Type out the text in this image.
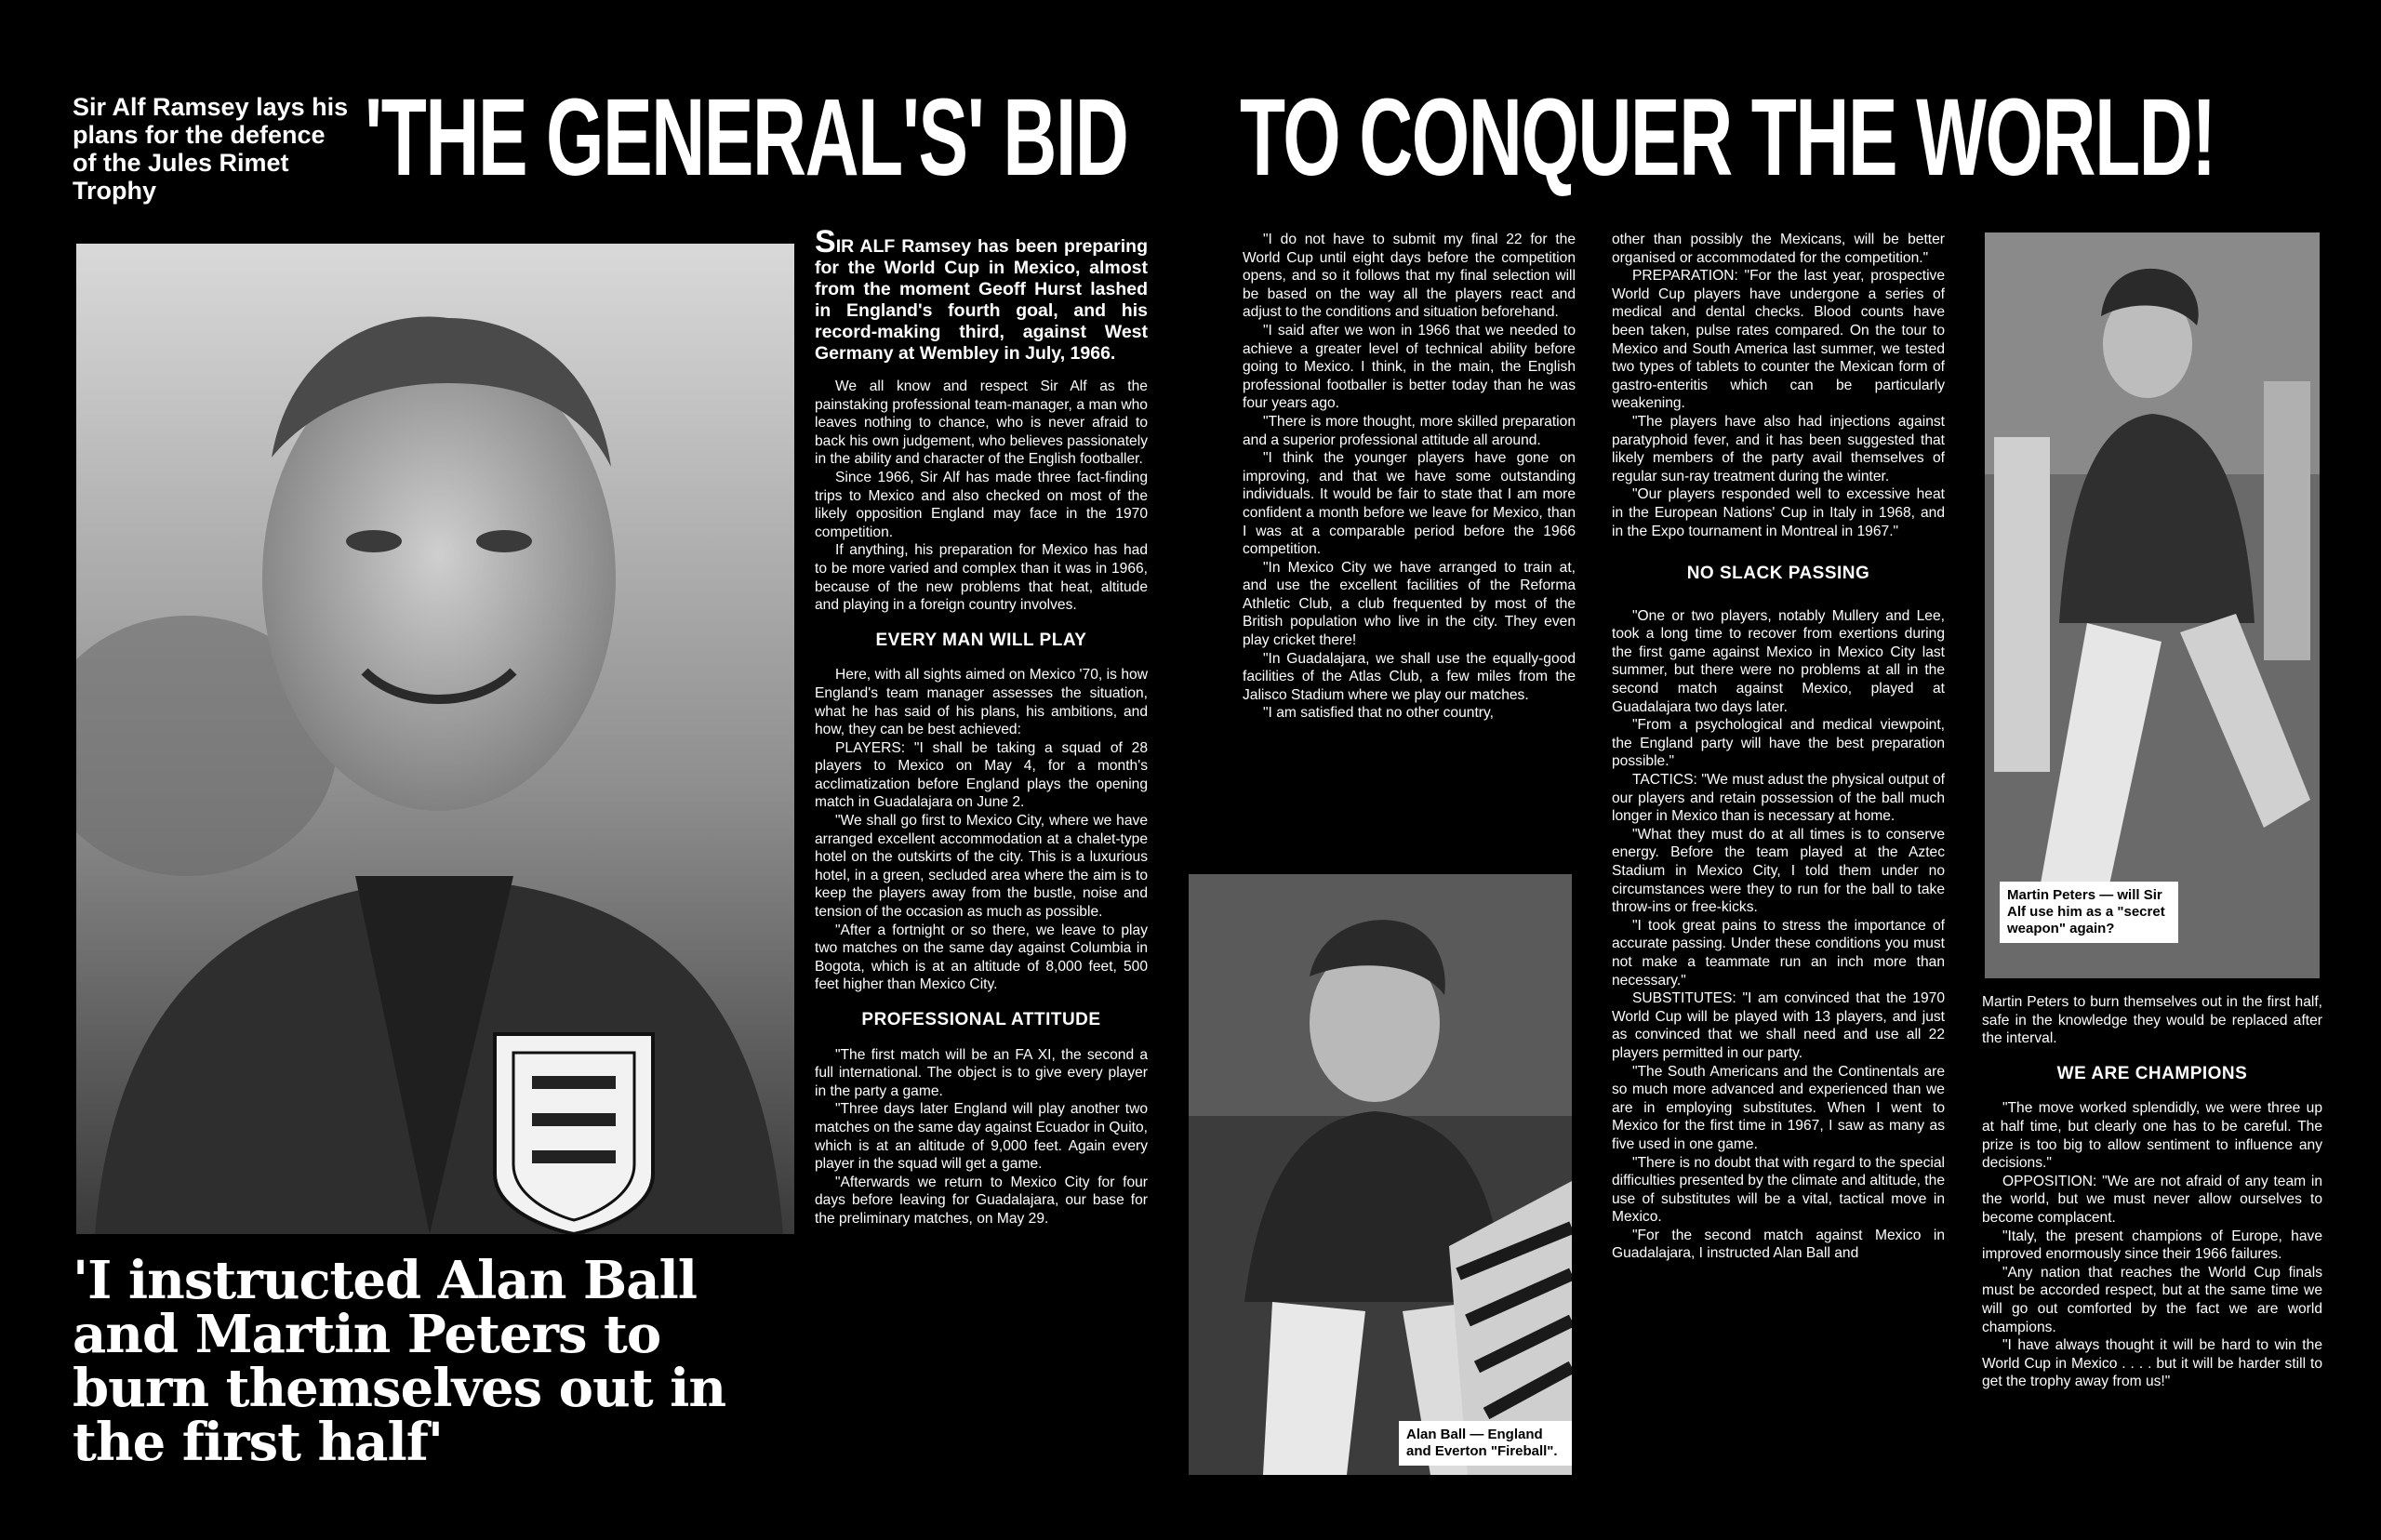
Sir Alf Ramsey lays his plans for the defence of the Jules Rimet Trophy	'THE GENERAL'S' BID TO CONQUER THE WORLD!

SIR ALF Ramsey has been preparing for the World Cup in Mexico, almost from the moment Geoff Hurst lashed in England's fourth goal, and his record-making third, against West Germany at Wembley in July, 1966.

We all know and respect Sir Alf as the painstaking professional team-manager, a man who leaves nothing to chance, who is never afraid to back his own judgement, who believes passionately in the ability and character of the English footballer.

Since 1966, Sir Alf has made three fact-finding trips to Mexico and also checked on most of the likely opposition England may face in the 1970 competition.

If anything, his preparation for Mexico has had to be more varied and complex than it was in 1966, because of the new problems that heat, altitude and playing in a foreign country involves.

EVERY MAN WILL PLAY

Here, with all sights aimed on Mexico '70, is how England's team manager assesses the situation, what he has said of his plans, his ambitions, and how, they can be best achieved:

PLAYERS: "I shall be taking a squad of 28 players to Mexico on May 4, for a month's acclimatization before England plays the opening match in Guadalajara on June 2.

"We shall go first to Mexico City, where we have arranged excellent accommodation at a chalet-type hotel on the outskirts of the city. This is a luxurious hotel, in a green, secluded area where the aim is to keep the players away from the bustle, noise and tension of the occasion as much as possible.

"After a fortnight or so there, we leave to play two matches on the same day against Columbia in Bogota, which is at an altitude of 8,000 feet, 500 feet higher than Mexico City.

PROFESSIONAL ATTITUDE

"The first match will be an FA XI, the second a full international. The object is to give every player in the party a game.

"Three days later England will play another two matches on the same day against Ecuador in Quito, which is at an altitude of 9,000 feet. Again every player in the squad will get a game.

"Afterwards we return to Mexico City for four days before leaving for Guadalajara, our base for the preliminary matches, on May 29.

"I do not have to submit my final 22 for the World Cup until eight days before the competition opens, and so it follows that my final selection will be based on the way all the players react and adjust to the conditions and situation beforehand.

"I said after we won in 1966 that we needed to achieve a greater level of technical ability before going to Mexico. I think, in the main, the English professional footballer is better today than he was four years ago.

"There is more thought, more skilled preparation and a superior professional attitude all around.

"I think the younger players have gone on improving, and that we have some outstanding individuals. It would be fair to state that I am more confident a month before we leave for Mexico, than I was at a comparable period before the 1966 competition.

"In Mexico City we have arranged to train at, and use the excellent facilities of the Reforma Athletic Club, a club frequented by most of the British population who live in the city. They even play cricket there!

"In Guadalajara, we shall use the equally-good facilities of the Atlas Club, a few miles from the Jalisco Stadium where we play our matches.

"I am satisfied that no other country,

other than possibly the Mexicans, will be better organised or accommodated for the competition."

PREPARATION: "For the last year, prospective World Cup players have undergone a series of medical and dental checks. Blood counts have been taken, pulse rates compared. On the tour to Mexico and South America last summer, we tested two types of tablets to counter the Mexican form of gastro-enteritis which can be particularly weakening.

"The players have also had injections against paratyphoid fever, and it has been suggested that likely members of the party avail themselves of regular sun-ray treatment during the winter.

"Our players responded well to excessive heat in the European Nations' Cup in Italy in 1968, and in the Expo tournament in Montreal in 1967."

NO SLACK PASSING

"One or two players, notably Mullery and Lee, took a long time to recover from exertions during the first game against Mexico in Mexico City last summer, but there were no problems at all in the second match against Mexico, played at Guadalajara two days later.

"From a psychological and medical viewpoint, the England party will have the best preparation possible."

TACTICS: "We must adust the physical output of our players and retain possession of the ball much longer in Mexico than is necessary at home.

"What they must do at all times is to conserve energy. Before the team played at the Aztec Stadium in Mexico City, I told them under no circumstances were they to run for the ball to take throw-ins or free-kicks.

"I took great pains to stress the importance of accurate passing. Under these conditions you must not make a teammate run an inch more than necessary."

SUBSTITUTES: "I am convinced that the 1970 World Cup will be played with 13 players, and just as convinced that we shall need and use all 22 players permitted in our party.

"The South Americans and the Continentals are so much more advanced and experienced than we are in employing substitutes. When I went to Mexico for the first time in 1967, I saw as many as five used in one game.

"There is no doubt that with regard to the special difficulties presented by the climate and altitude, the use of substitutes will be a vital, tactical move in Mexico.

"For the second match against Mexico in Guadalajara, I instructed Alan Ball and

Martin Peters to burn themselves out in the first half, safe in the knowledge they would be replaced after the interval.

WE ARE CHAMPIONS

"The move worked splendidly, we were three up at half time, but clearly one has to be careful. The prize is too big to allow sentiment to influence any decisions."

OPPOSITION: "We are not afraid of any team in the world, but we must never allow ourselves to become complacent.

"Italy, the present champions of Europe, have improved enormously since their 1966 failures.

"Any nation that reaches the World Cup finals must be accorded respect, but at the same time we will go out comforted by the fact we are world champions.

"I have always thought it will be hard to win the World Cup in Mexico . . . . but it will be harder still to get the trophy away from us!"

'I instructed Alan Ball and Martin Peters to burn themselves out in the first half'	Alan Ball — England and Everton "Fireball".
Martin Peters — will Sir Alf use him as a "secret weapon" again?
